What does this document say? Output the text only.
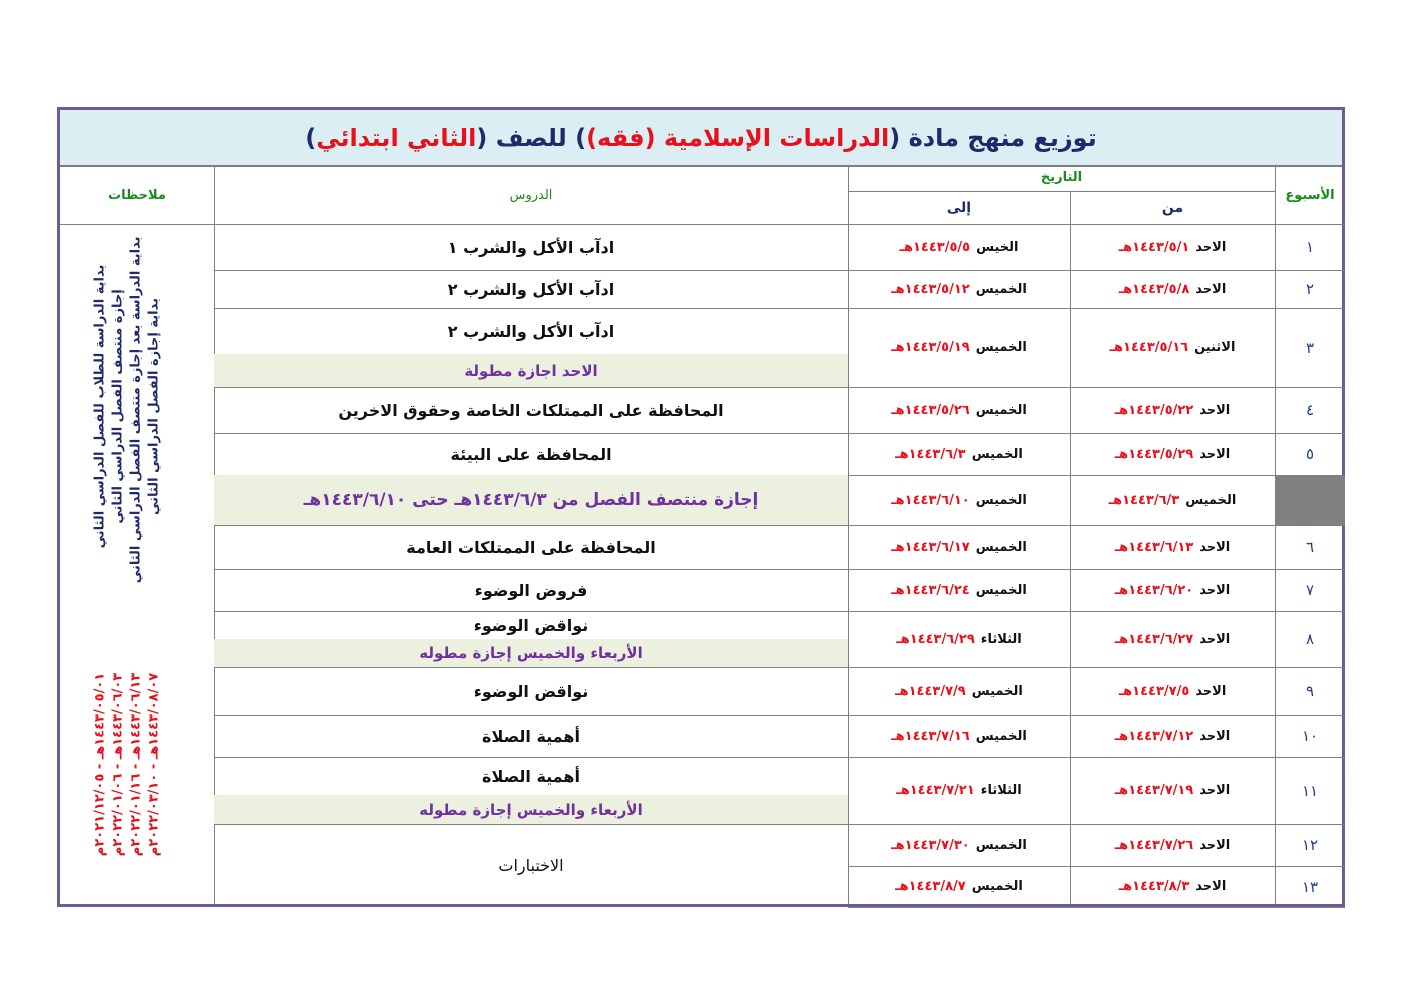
توزيع منهج مادة (
الدراسات الإسلامية (فقه)
) للصف (
الثاني ابتدائي
)
الأسبوع
التاريخ
من
إلى
الدروس
ملاحظات
١
الاحد
١٤٤٣/٥/١هـ
الخيس
١٤٤٣/٥/٥هـ
ادآب الأكل والشرب ١
٢
الاحد
١٤٤٣/٥/٨هـ
الخميس
١٤٤٣/٥/١٢هـ
ادآب الأكل والشرب ٢
٣
الاثنين
١٤٤٣/٥/١٦هـ
الخميس
١٤٤٣/٥/١٩هـ
ادآب الأكل والشرب ٢
الاحد اجازة مطولة
٤
الاحد
١٤٤٣/٥/٢٢هـ
الخميس
١٤٤٣/٥/٢٦هـ
المحافظة على الممتلكات الخاصة وحقوق الاخرين
٥
الاحد
١٤٤٣/٥/٢٩هـ
الخميس
١٤٤٣/٦/٣هـ
المحافظة على البيئة
الخميس
١٤٤٣/٦/٣هـ
الخميس
١٤٤٣/٦/١٠هـ
إجازة منتصف الفصل من ١٤٤٣/٦/٣هـ حتى ١٤٤٣/٦/١٠هـ
٦
الاحد
١٤٤٣/٦/١٣هـ
الخميس
١٤٤٣/٦/١٧هـ
المحافظة على الممتلكات العامة
٧
الاحد
١٤٤٣/٦/٢٠هـ
الخميس
١٤٤٣/٦/٢٤هـ
فروض الوضوء
٨
الاحد
١٤٤٣/٦/٢٧هـ
الثلاثاء
١٤٤٣/٦/٢٩هـ
نواقض الوضوء
الأربعاء والخميس إجازة مطوله
٩
الاحد
١٤٤٣/٧/٥هـ
الخميس
١٤٤٣/٧/٩هـ
نواقض الوضوء
١٠
الاحد
١٤٤٣/٧/١٢هـ
الخميس
١٤٤٣/٧/١٦هـ
أهمية الصلاة
١١
الاحد
١٤٤٣/٧/١٩هـ
الثلاثاء
١٤٤٣/٧/٢١هـ
أهمية الصلاة
الأربعاء والخميس إجازة مطوله
١٢
الاحد
١٤٤٣/٧/٢٦هـ
الخميس
١٤٤٣/٧/٣٠هـ
١٣
الاحد
١٤٤٣/٨/٣هـ
الخميس
١٤٤٣/٨/٧هـ
الاختبارات
بداية الدراسة للطلاب للفصل الدراسي الثاني
١٤٤٣/٠٥/٠١هـ - ٢٠٢١/١٢/٠٥م
إجازة منتصف الفصل الدراسي الثاني
١٤٤٣/٠٦/٠٣هـ - ٢٠٢٢/٠١/٠٦م
بداية الدراسة بعد إجازة منتصف الفصل الدراسي الثاني
١٤٤٣/٠٦/١٣هـ - ٢٠٢٢/٠١/١٦م
بداية إجازة الفصل الدراسي الثاني
١٤٤٣/٠٨/٠٧هـ - ٢٠٢٢/٠٣/١٠م
